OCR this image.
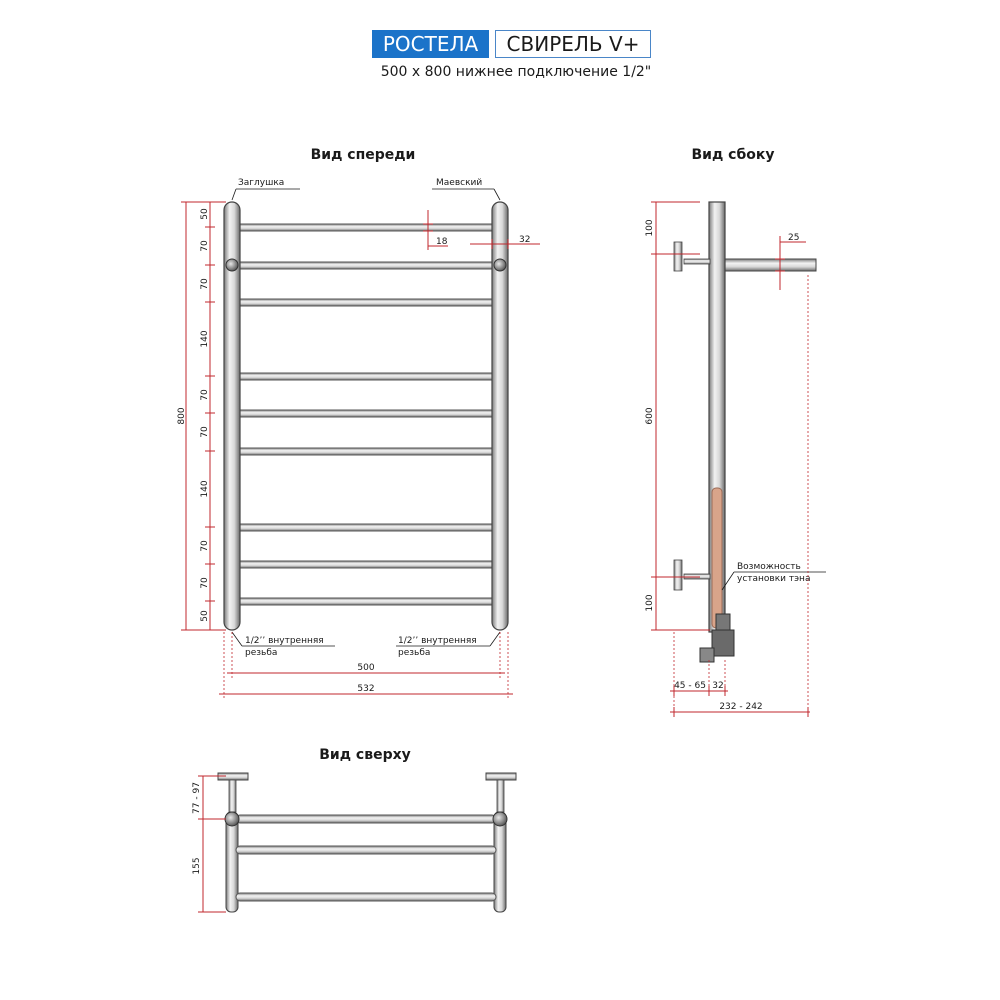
РОСТЕЛА	СВИРЕЛЬ V+
500 x 800 нижнее подключение 1/2"
Вид спереди
Заглушка	Маевский
1/2’’ внутренняя
резьба
1/2’’ внутренняя
резьба
800
50
70
70
140
70
70
140
70
70
50
18	32
500
532
Вид сбоку
100
600
100
25
Возможность
установки тэна
45 - 65 32
232 - 242
Вид сверху
77 - 97
155
